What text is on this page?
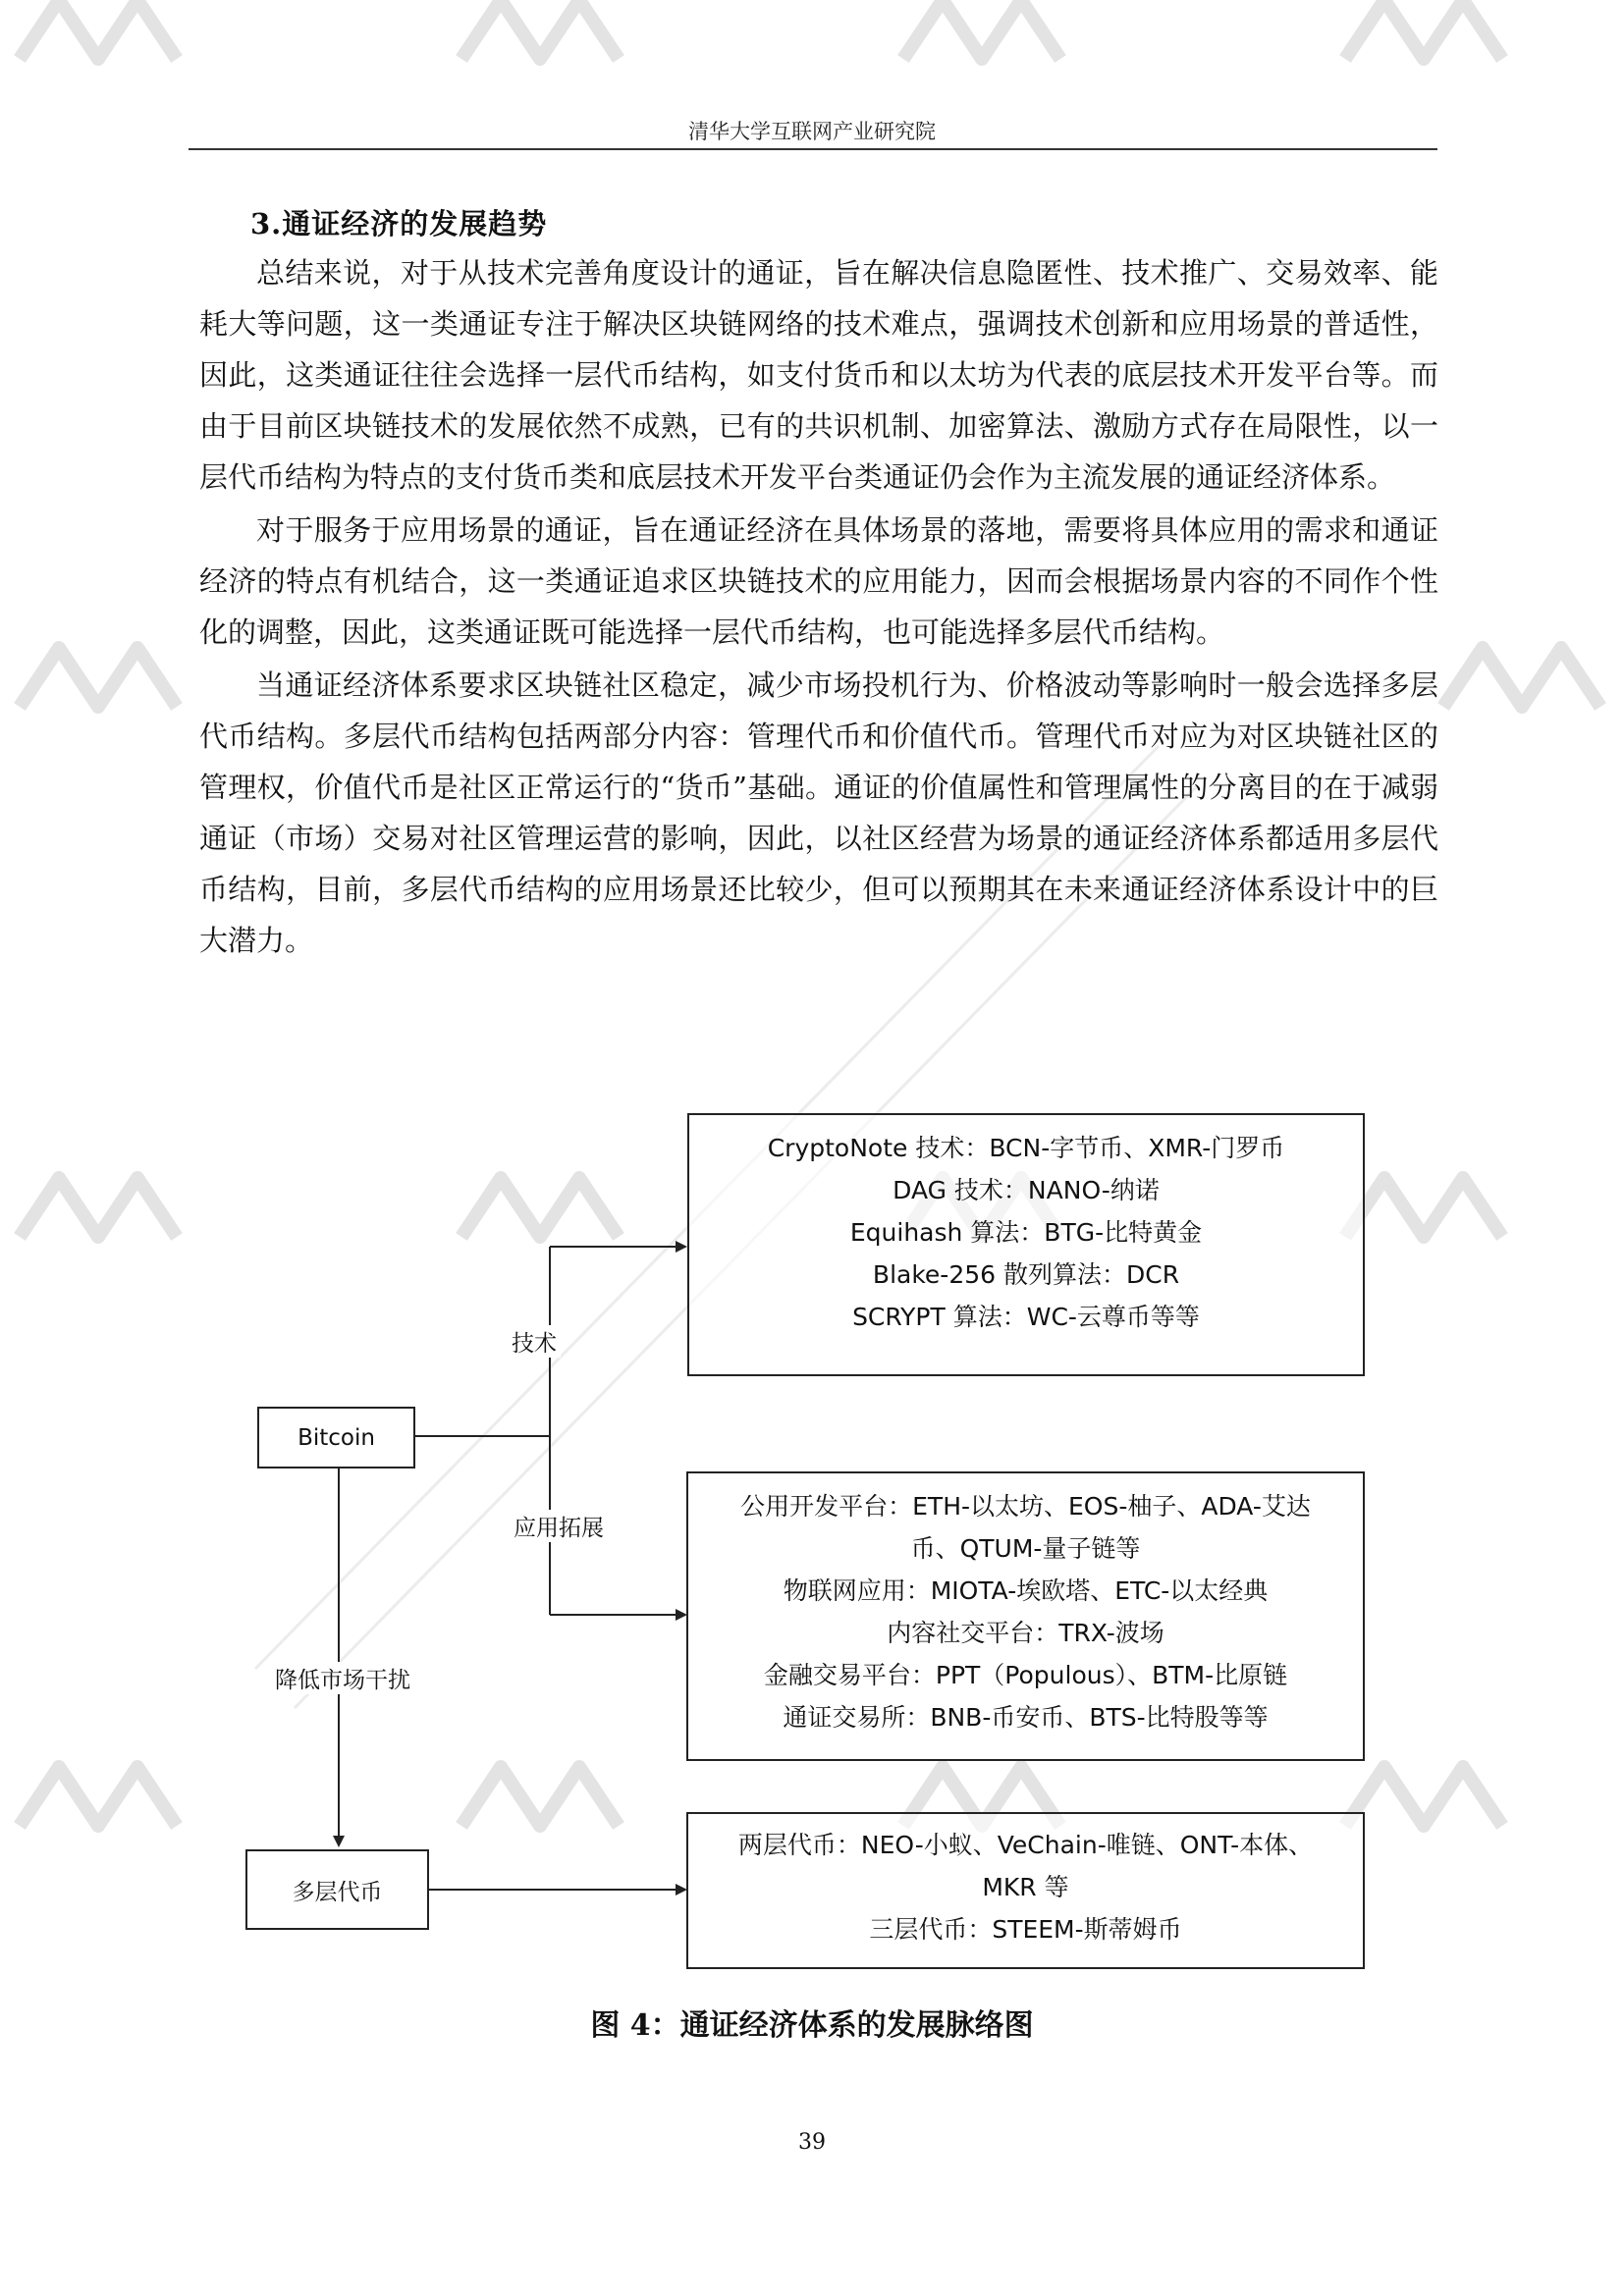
清华大学互联网产业研究院
3.通证经济的发展趋势

总结来说，对于从技术完善角度设计的通证，旨在解决信息隐匿性、技术推广、交易效率、能耗大等问题，这一类通证专注于解决区块链网络的技术难点，强调技术创新和应用场景的普适性，因此，这类通证往往会选择一层代币结构，如支付货币和以太坊为代表的底层技术开发平台等。而由于目前区块链技术的发展依然不成熟，已有的共识机制、加密算法、激励方式存在局限性，以一层代币结构为特点的支付货币类和底层技术开发平台类通证仍会作为主流发展的通证经济体系。

对于服务于应用场景的通证，旨在通证经济在具体场景的落地，需要将具体应用的需求和通证经济的特点有机结合，这一类通证追求区块链技术的应用能力，因而会根据场景内容的不同作个性化的调整，因此，这类通证既可能选择一层代币结构，也可能选择多层代币结构。

当通证经济体系要求区块链社区稳定，减少市场投机行为、价格波动等影响时一般会选择多层代币结构。多层代币结构包括两部分内容：管理代币和价值代币。管理代币对应为对区块链社区的管理权，价值代币是社区正常运行的“货币”基础。通证的价值属性和管理属性的分离目的在于减弱通证（市场）交易对社区管理运营的影响，因此，以社区经营为场景的通证经济体系都适用多层代币结构，目前，多层代币结构的应用场景还比较少，但可以预期其在未来通证经济体系设计中的巨大潜力。

Bitcoin
多层代币
技术
应用拓展
降低市场干扰
CryptoNote 技术：BCN-字节币、XMR-门罗币
DAG 技术：NANO-纳诺
Equihash 算法：BTG-比特黄金
Blake-256 散列算法：DCR
SCRYPT 算法：WC-云尊币等等
公用开发平台：ETH-以太坊、EOS-柚子、ADA-艾达
币、QTUM-量子链等
物联网应用：MIOTA-埃欧塔、ETC-以太经典
内容社交平台：TRX-波场
金融交易平台：PPT（Populous）、BTM-比原链
通证交易所：BNB-币安币、BTS-比特股等等
两层代币：NEO-小蚁、VeChain-唯链、ONT-本体、
MKR 等
三层代币：STEEM-斯蒂姆币
图 4：通证经济体系的发展脉络图
39
